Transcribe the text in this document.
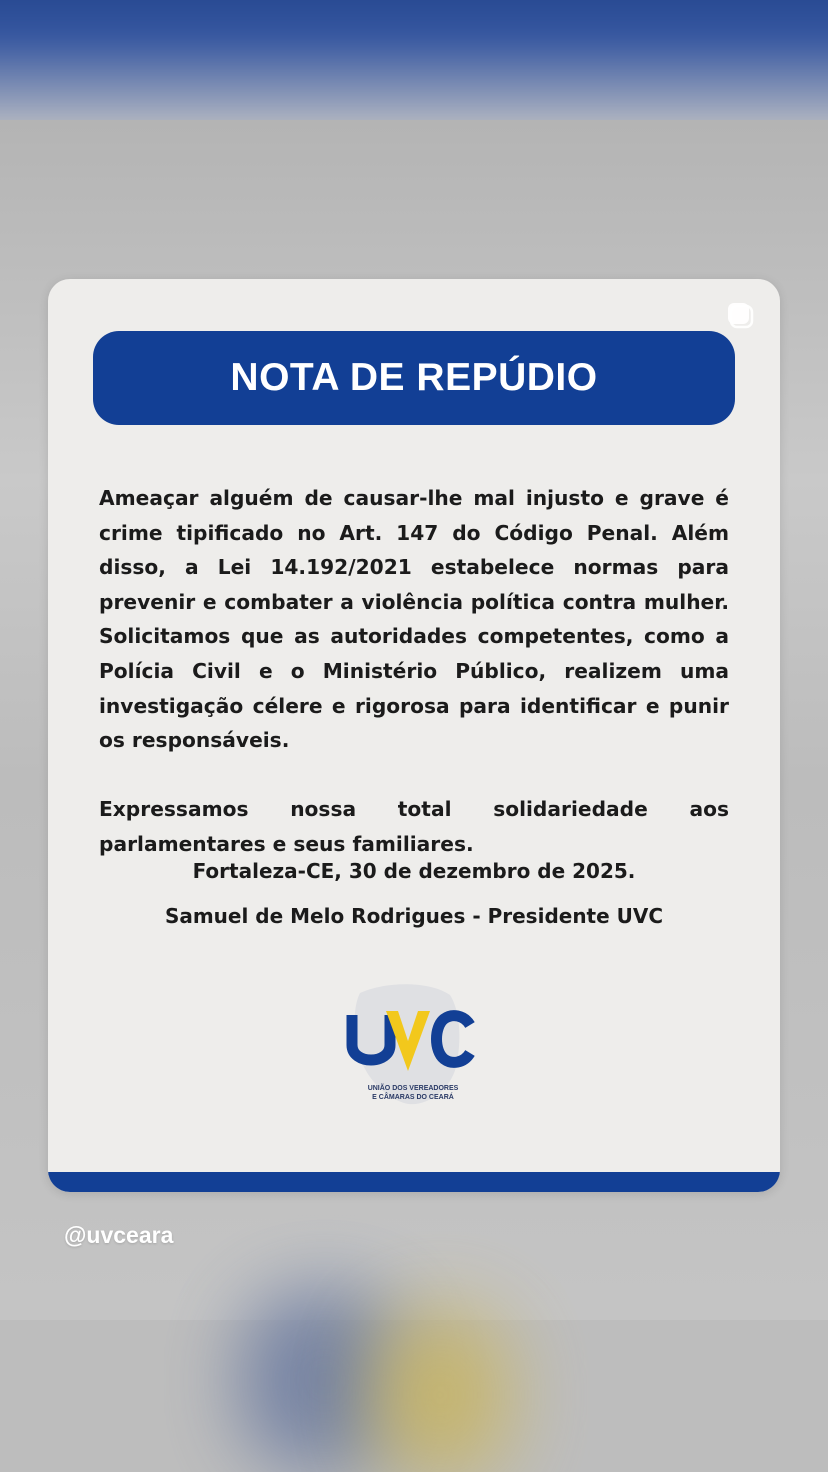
NOTA DE REPÚDIO

Ameaçar alguém de causar-lhe mal injusto e grave é crime tipificado no Art. 147 do Código Penal. Além disso, a Lei 14.192/2021 estabelece normas para prevenir e combater a violência política contra mulher. Solicitamos que as autoridades competentes, como a Polícia Civil e o Ministério Público, realizem uma investigação célere e rigorosa para identificar e punir os responsáveis.

Expressamos nossa total solidariedade aos parlamentares e seus familiares.

Fortaleza-CE, 30 de dezembro de 2025.
Samuel de Melo Rodrigues - Presidente UVC
UNIÃO DOS VEREADORES
E CÂMARAS DO CEARÁ
@uvceara
